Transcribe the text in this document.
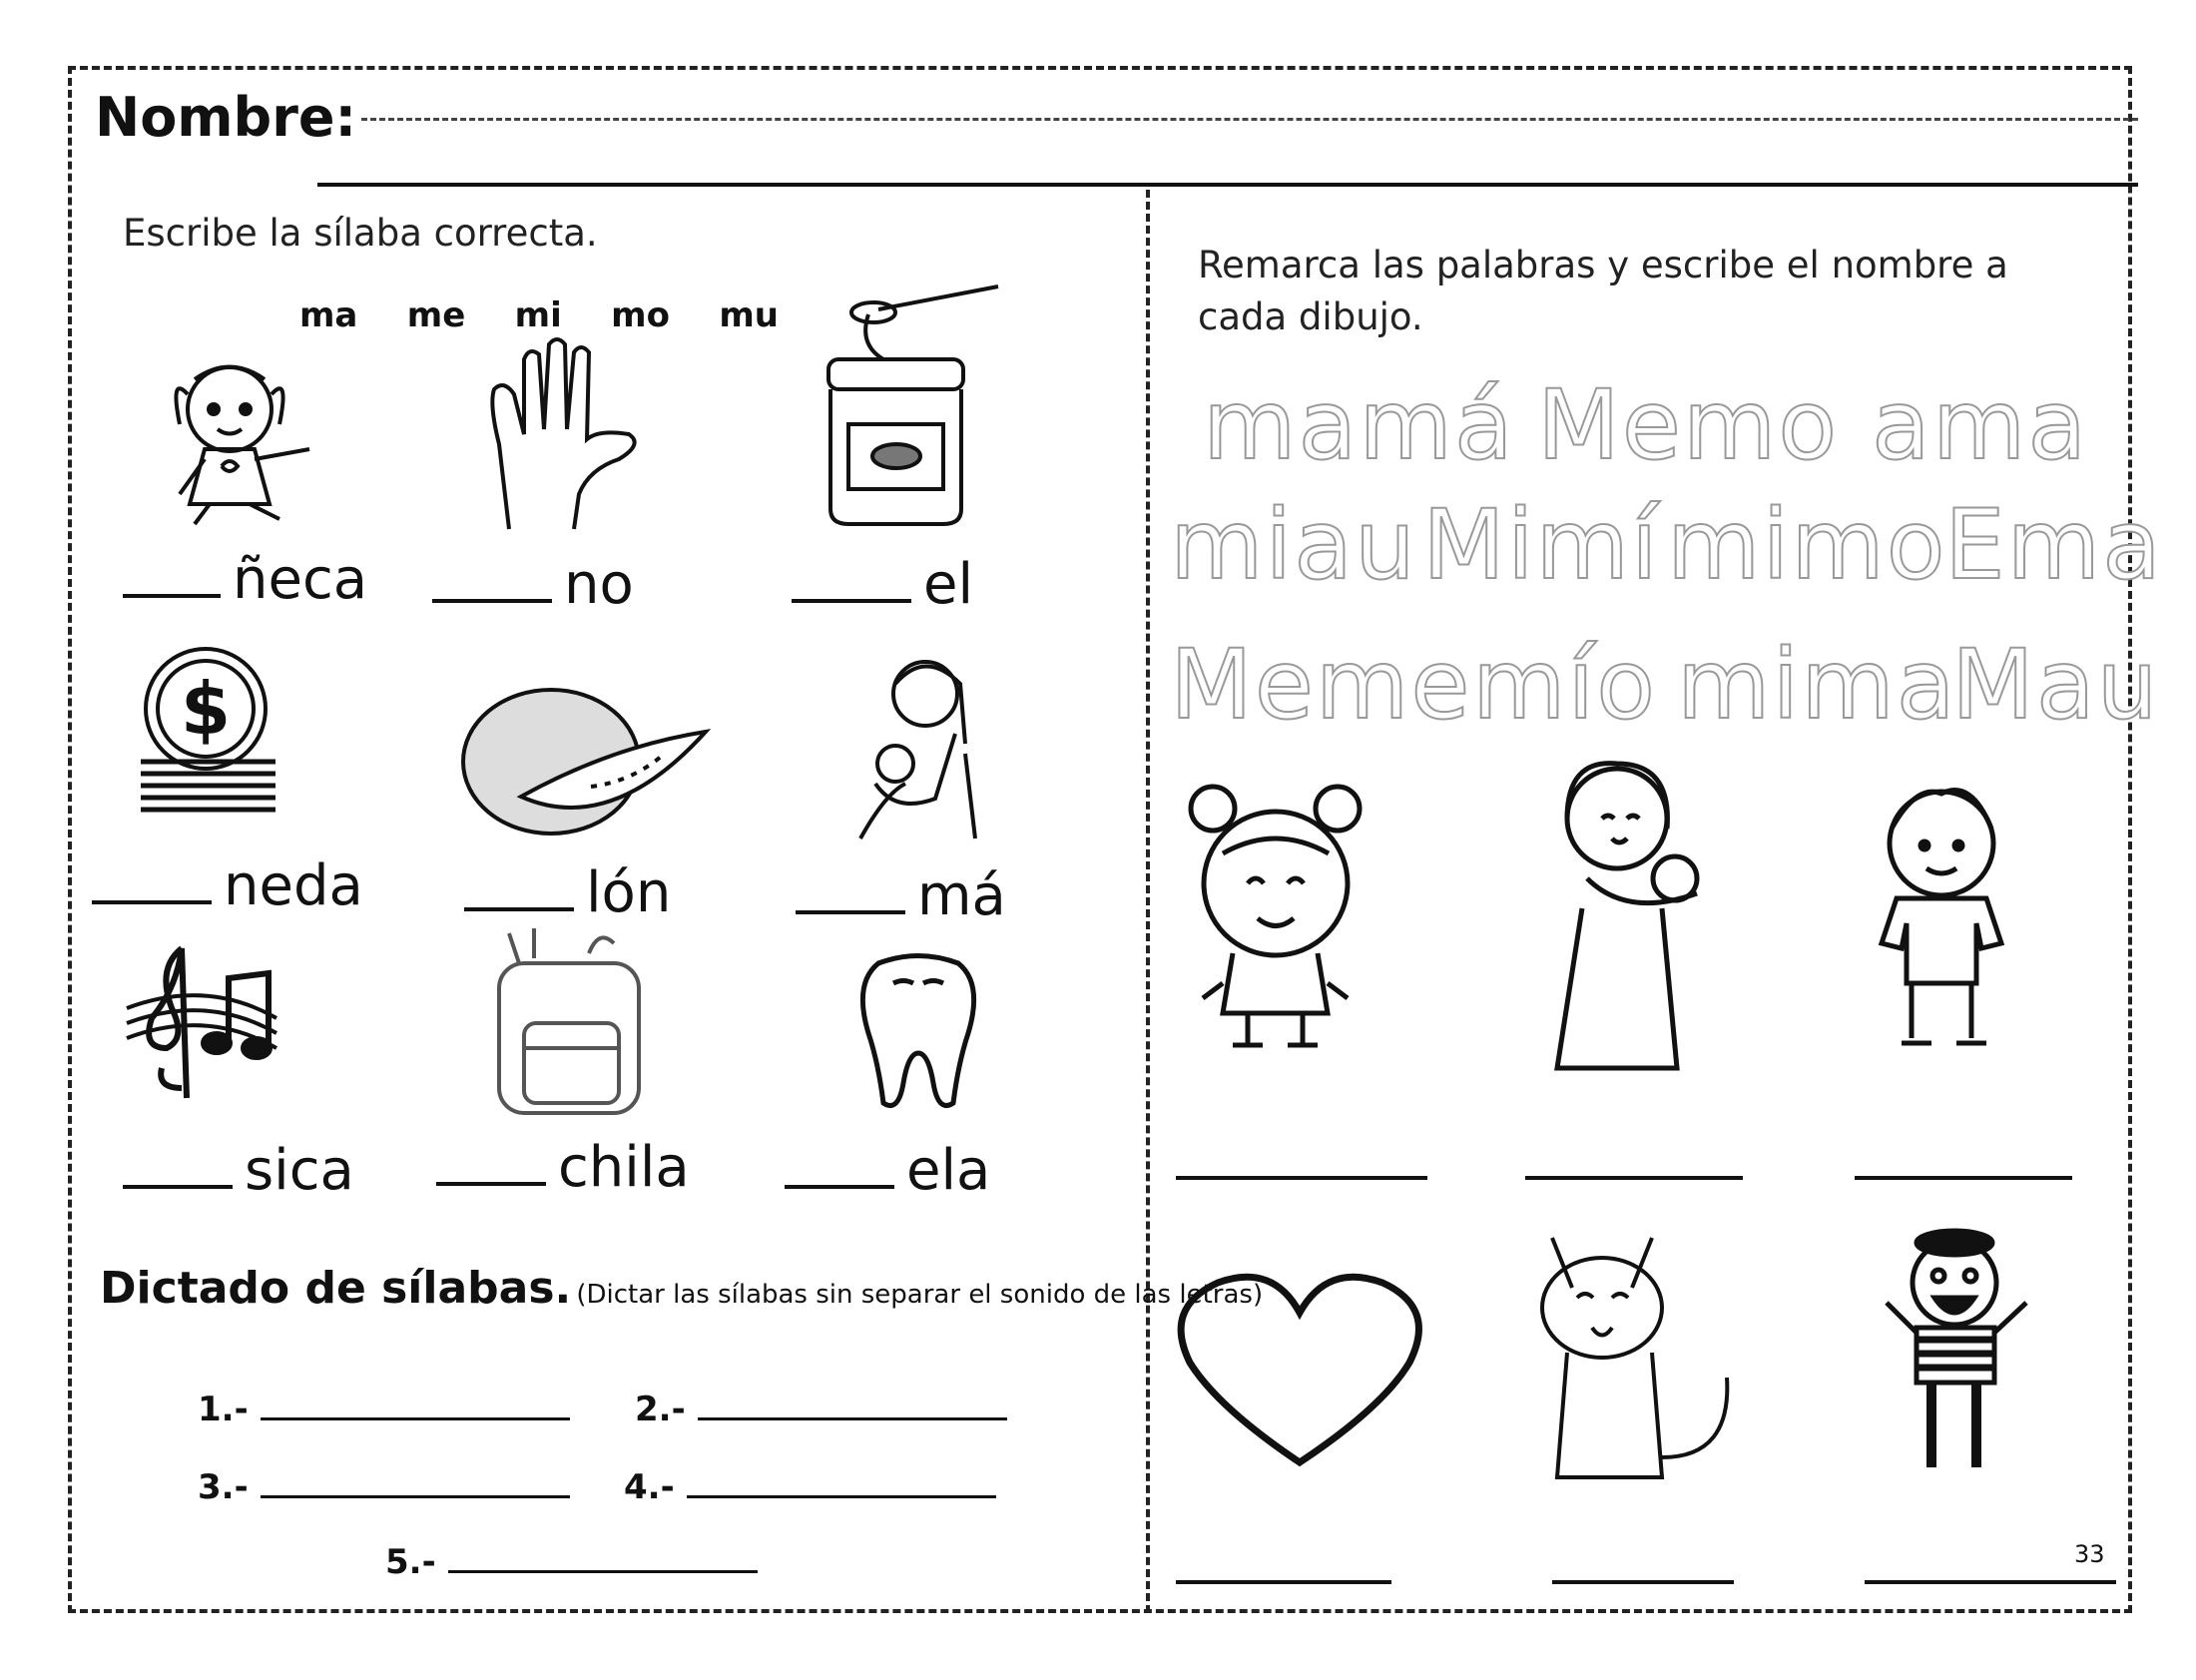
Nombre:
Escribe la sílaba correcta.
ma me mi mo mu
ñeca	no	el
$
neda	lón	má
sica	chila	ela
Dictado de sílabas. (Dictar las sílabas sin separar el sonido de las letras)
1.-	2.-
3.-	4.-
5.-
Remarca las palabras y escribe el nombre a cada dibujo.
mamá Memo ama
miau Mimí mimo
Ema
Meme mío mima
Mau
33
